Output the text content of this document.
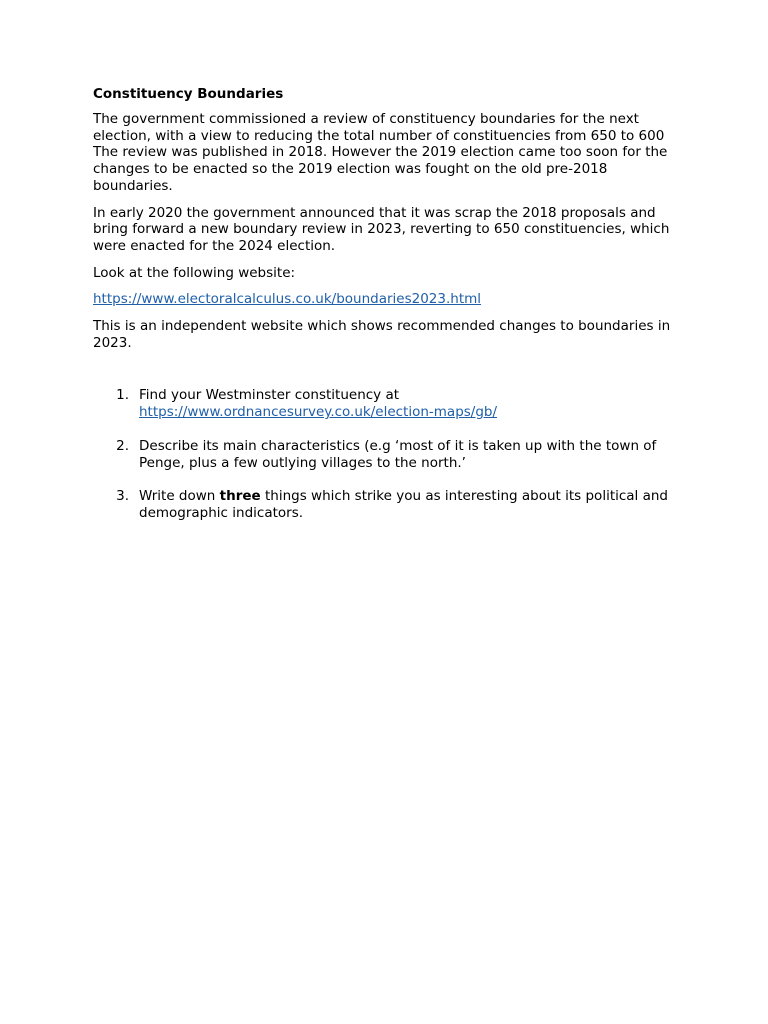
Constituency Boundaries

The government commissioned a review of constituency boundaries for the next election, with a view to reducing the total number of constituencies from 650 to 600 The review was published in 2018. However the 2019 election came too soon for the changes to be enacted so the 2019 election was fought on the old pre-2018 boundaries.

In early 2020 the government announced that it was scrap the 2018 proposals and bring forward a new boundary review in 2023, reverting to 650 constituencies, which were enacted for the 2024 election.

Look at the following website:

https://www.electoralcalculus.co.uk/boundaries2023.html

This is an independent website which shows recommended changes to boundaries in 2023.

1. Find your Westminster constituency at
https://www.ordnancesurvey.co.uk/election-maps/gb/
2. Describe its main characteristics (e.g ‘most of it is taken up with the town of Penge, plus a few outlying villages to the north.’
3. Write down three things which strike you as interesting about its political and demographic indicators.
